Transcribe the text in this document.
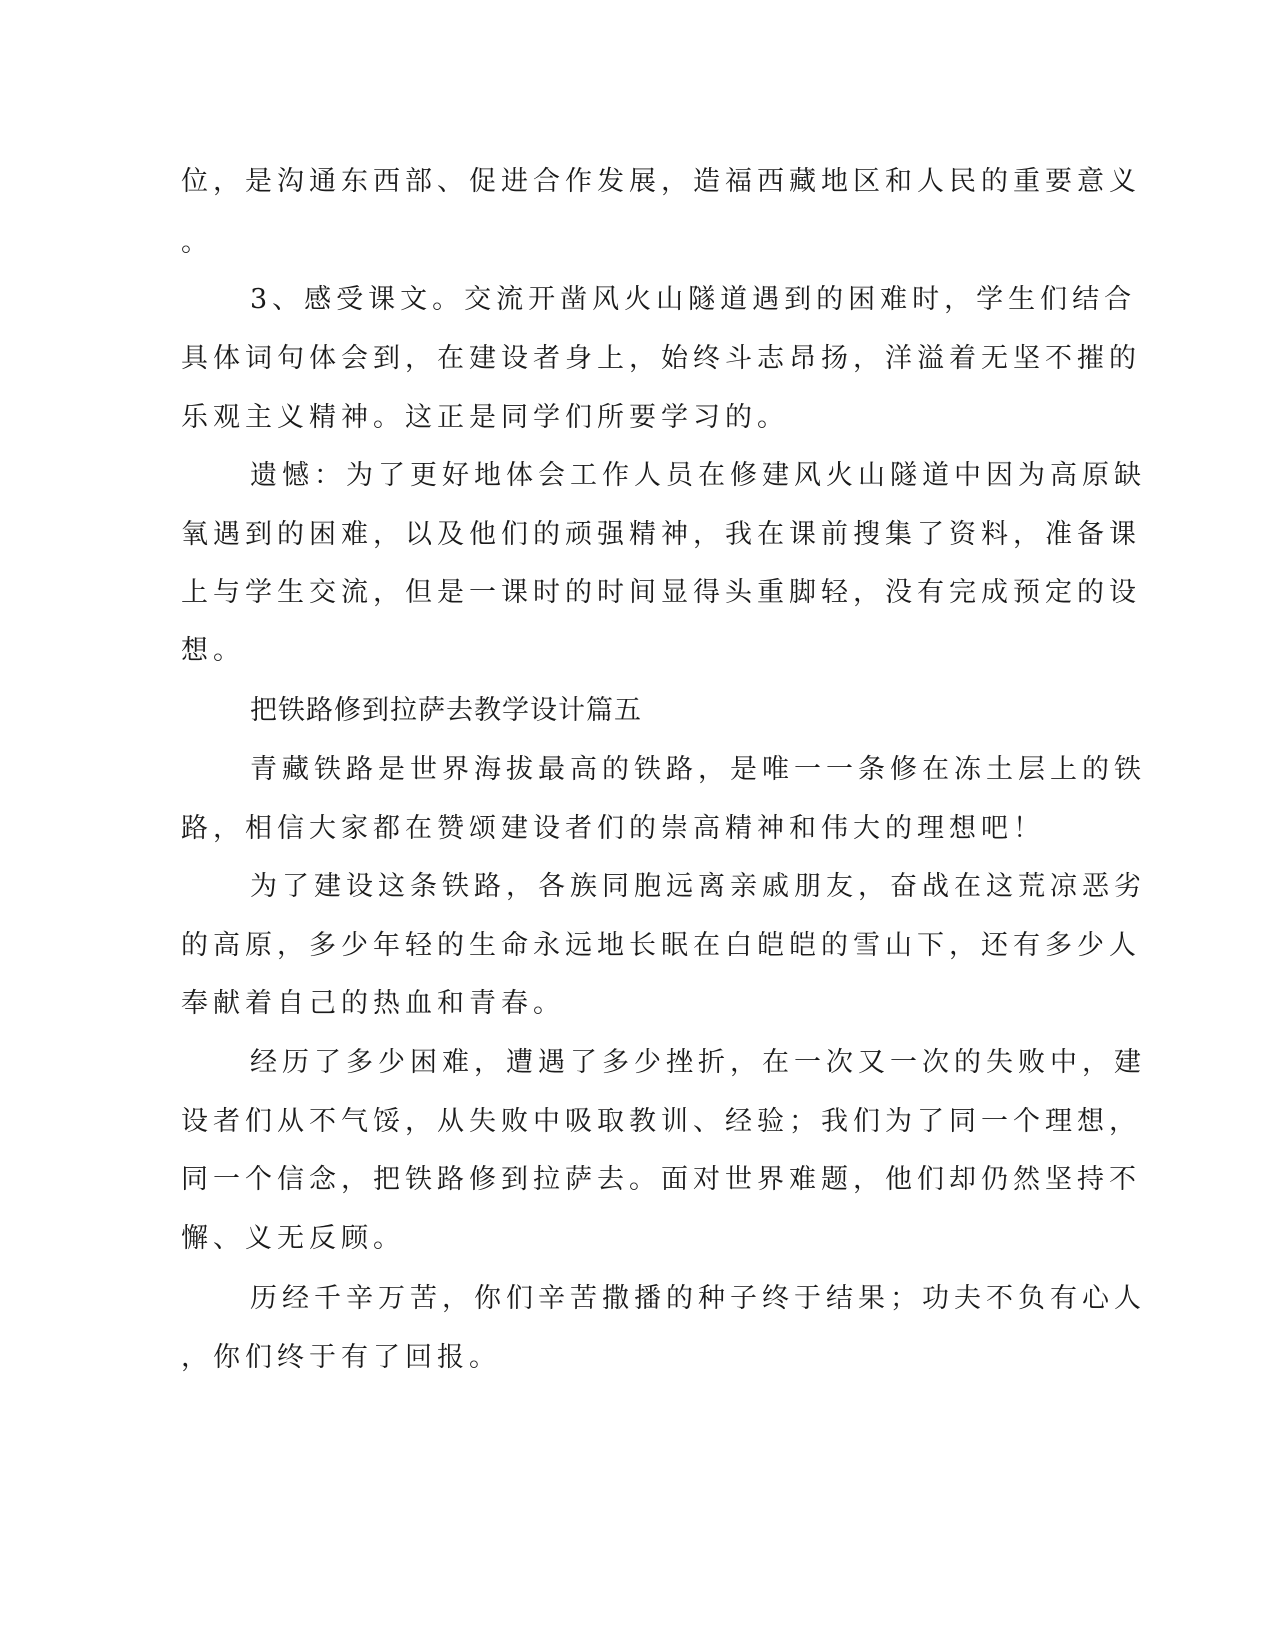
位，是沟通东西部、促进合作发展，造福西藏地区和人民的重要意义
。
3、感受课文。交流开凿风火山隧道遇到的困难时，学生们结合
具体词句体会到，在建设者身上，始终斗志昂扬，洋溢着无坚不摧的
乐观主义精神。这正是同学们所要学习的。
遗憾：为了更好地体会工作人员在修建风火山隧道中因为高原缺
氧遇到的困难，以及他们的顽强精神，我在课前搜集了资料，准备课
上与学生交流，但是一课时的时间显得头重脚轻，没有完成预定的设
想。
把铁路修到拉萨去教学设计篇五
青藏铁路是世界海拔最高的铁路，是唯一一条修在冻土层上的铁
路，相信大家都在赞颂建设者们的崇高精神和伟大的理想吧！
为了建设这条铁路，各族同胞远离亲戚朋友，奋战在这荒凉恶劣
的高原，多少年轻的生命永远地长眠在白皑皑的雪山下，还有多少人
奉献着自己的热血和青春。
经历了多少困难，遭遇了多少挫折，在一次又一次的失败中，建
设者们从不气馁，从失败中吸取教训、经验；我们为了同一个理想，
同一个信念，把铁路修到拉萨去。面对世界难题，他们却仍然坚持不
懈、义无反顾。
历经千辛万苦，你们辛苦撒播的种子终于结果；功夫不负有心人
，你们终于有了回报。
